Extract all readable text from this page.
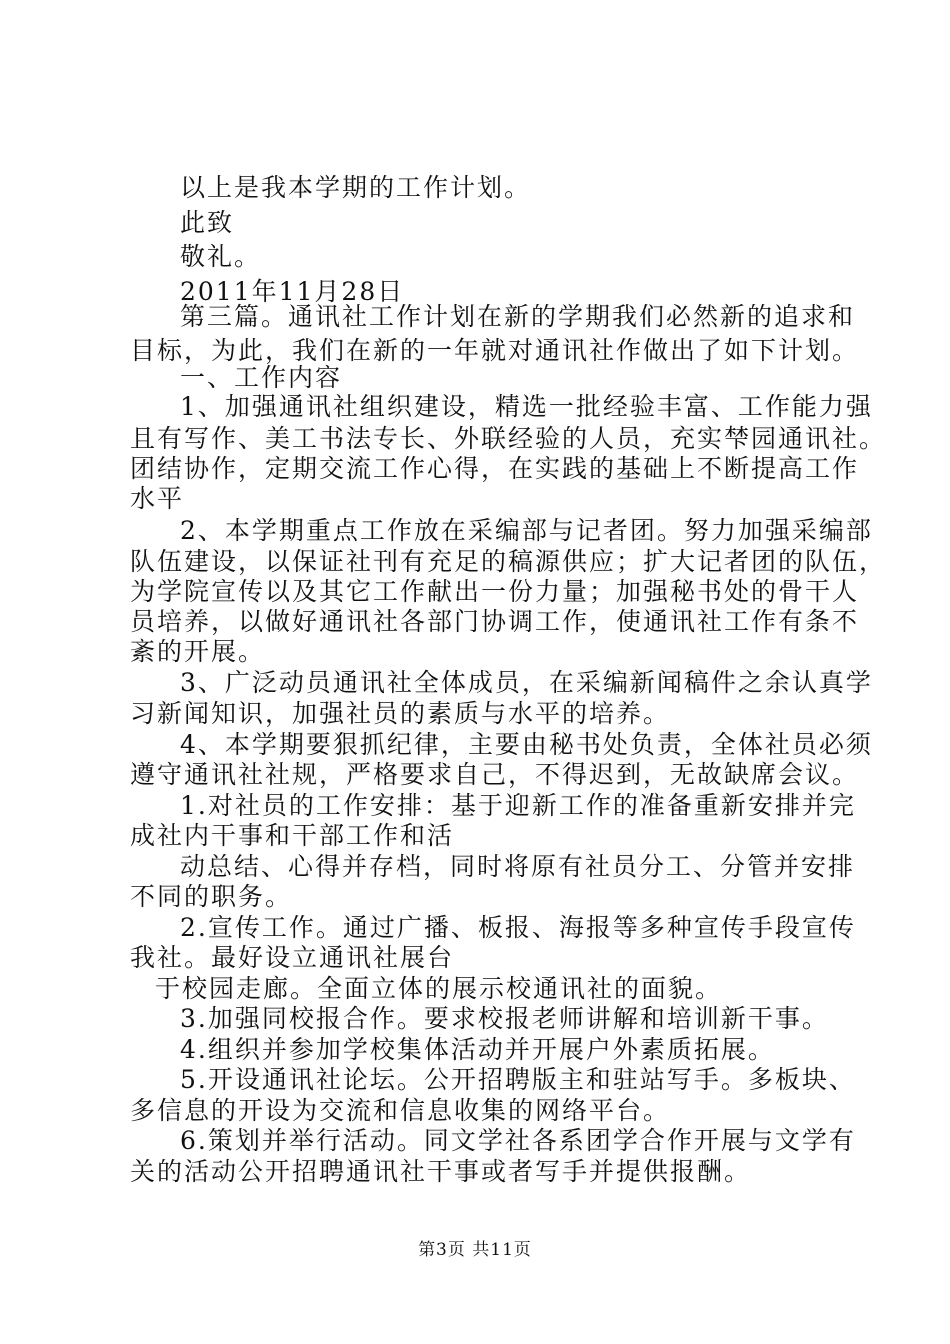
以上是我本学期的工作计划。
此致
敬礼。
2011年11月28日
第三篇。通讯社工作计划在新的学期我们必然新的追求和
目标，为此，我们在新的一年就对通讯社作做出了如下计划。
一、工作内容
1、加强通讯社组织建设，精选一批经验丰富、工作能力强
且有写作、美工书法专长、外联经验的人员，充实梺园通讯社。
团结协作，定期交流工作心得，在实践的基础上不断提高工作
水平
2、本学期重点工作放在采编部与记者团。努力加强采编部
队伍建设，以保证社刊有充足的稿源供应；扩大记者团的队伍，
为学院宣传以及其它工作献出一份力量；加强秘书处的骨干人
员培养，以做好通讯社各部门协调工作，使通讯社工作有条不
紊的开展。
3、广泛动员通讯社全体成员，在采编新闻稿件之余认真学
习新闻知识，加强社员的素质与水平的培养。
4、本学期要狠抓纪律，主要由秘书处负责，全体社员必须
遵守通讯社社规，严格要求自己，不得迟到，无故缺席会议。
1.对社员的工作安排：基于迎新工作的准备重新安排并完
成社内干事和干部工作和活
动总结、心得并存档，同时将原有社员分工、分管并安排
不同的职务。
2.宣传工作。通过广播、板报、海报等多种宣传手段宣传
我社。最好设立通讯社展台
于校园走廊。全面立体的展示校通讯社的面貌。
3.加强同校报合作。要求校报老师讲解和培训新干事。
4.组织并参加学校集体活动并开展户外素质拓展。
5.开设通讯社论坛。公开招聘版主和驻站写手。多板块、
多信息的开设为交流和信息收集的网络平台。
6.策划并举行活动。同文学社各系团学合作开展与文学有
关的活动公开招聘通讯社干事或者写手并提供报酬。
第3页 共11页
